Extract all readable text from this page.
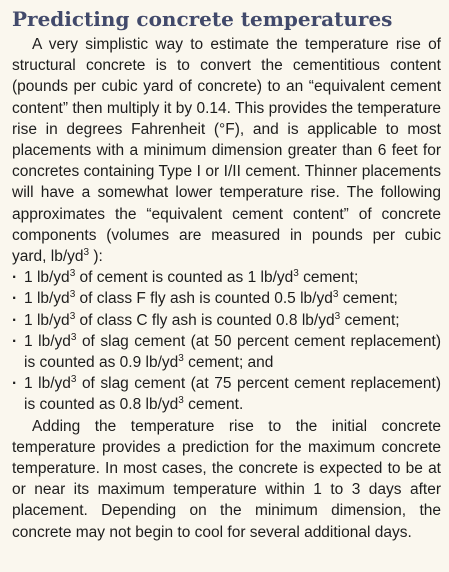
Predicting concrete temperatures

A very simplistic way to estimate the temperature rise of structural concrete is to convert the cementitious content (pounds per cubic yard of concrete) to an “equivalent cement content” then multiply it by 0.14. This provides the temperature rise in degrees Fahrenheit (°F), and is applicable to most placements with a minimum dimension greater than 6 feet for concretes containing Type I or I/II cement. Thinner placements will have a somewhat lower temperature rise. The following approximates the “equivalent cement content” of concrete components (volumes are measured in pounds per cubic yard, $lb/yd^3$ ):

· 1 $lb/yd^3$ of cement is counted as 1 $lb/yd^3$ cement;
· 1 $lb/yd^3$ of class F fly ash is counted 0.5 $lb/yd^3$ cement;
· 1 $lb/yd^3$ of class C fly ash is counted 0.8 $lb/yd^3$ cement;
· 1 $lb/yd^3$ of slag cement (at 50 percent cement replacement) is counted as 0.9 $lb/yd^3$ cement; and
· 1 $lb/yd^3$ of slag cement (at 75 percent cement replacement) is counted as 0.8 $lb/yd^3$ cement.

Adding the temperature rise to the initial concrete temperature provides a prediction for the maximum concrete temperature. In most cases, the concrete is expected to be at or near its maximum temperature within 1 to 3 days after placement. Depending on the minimum dimension, the concrete may not begin to cool for several additional days.
